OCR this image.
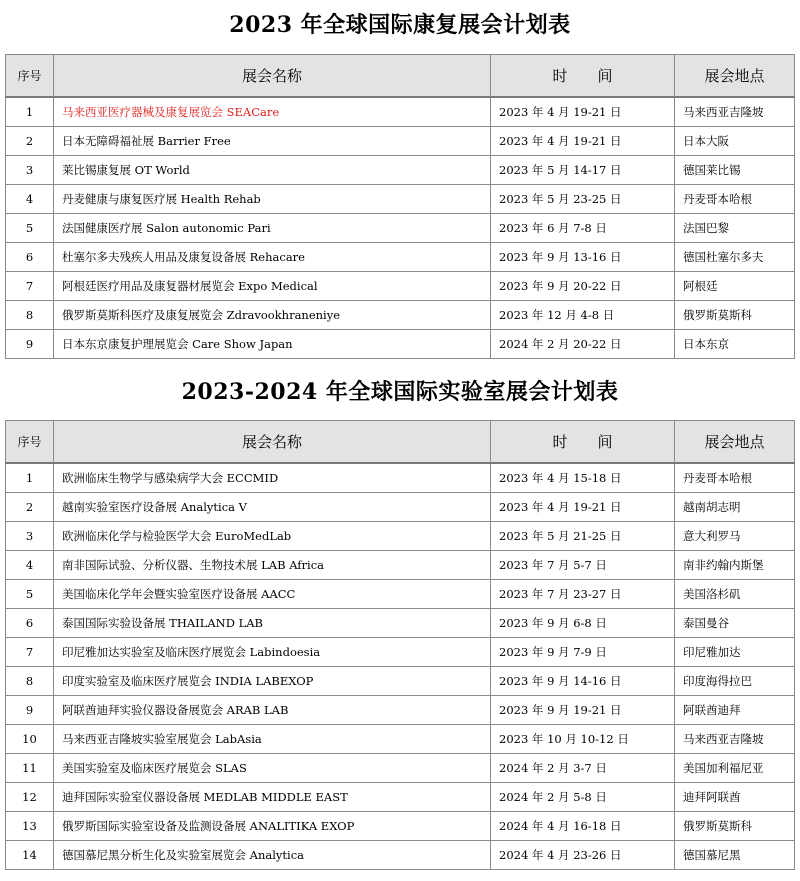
2023 年全球国际康复展会计划表
序号	展会名称	时　　间	展会地点
1	马来西亚医疗器械及康复展览会 SEACare	2023 年 4 月 19-21 日	马来西亚吉隆坡
2	日本无障碍福祉展 Barrier Free	2023 年 4 月 19-21 日	日本大阪
3	莱比锡康复展 OT World	2023 年 5 月 14-17 日	德国莱比锡
4	丹麦健康与康复医疗展 Health Rehab	2023 年 5 月 23-25 日	丹麦哥本哈根
5	法国健康医疗展 Salon autonomic Pari	2023 年 6 月 7-8 日	法国巴黎
6	杜塞尔多夫残疾人用品及康复设备展 Rehacare	2023 年 9 月 13-16 日	德国杜塞尔多夫
7	阿根廷医疗用品及康复器材展览会 Expo Medical	2023 年 9 月 20-22 日	阿根廷
8	俄罗斯莫斯科医疗及康复展览会 Zdravookhraneniye	2023 年 12 月 4-8 日	俄罗斯莫斯科
9	日本东京康复护理展览会 Care Show Japan	2024 年 2 月 20-22 日	日本东京
2023-2024 年全球国际实验室展会计划表
序号	展会名称	时　　间	展会地点
1	欧洲临床生物学与感染病学大会 ECCMID	2023 年 4 月 15-18 日	丹麦哥本哈根
2	越南实验室医疗设备展 Analytica V	2023 年 4 月 19-21 日	越南胡志明
3	欧洲临床化学与检验医学大会 EuroMedLab	2023 年 5 月 21-25 日	意大利罗马
4	南非国际试验、分析仪器、生物技术展 LAB Africa	2023 年 7 月 5-7 日	南非约翰内斯堡
5	美国临床化学年会暨实验室医疗设备展 AACC	2023 年 7 月 23-27 日	美国洛杉矶
6	泰国国际实验设备展 THAILAND LAB	2023 年 9 月 6-8 日	泰国曼谷
7	印尼雅加达实验室及临床医疗展览会 Labindoesia	2023 年 9 月 7-9 日	印尼雅加达
8	印度实验室及临床医疗展览会 INDIA LABEXOP	2023 年 9 月 14-16 日	印度海得拉巴
9	阿联酋迪拜实验仪器设备展览会 ARAB LAB	2023 年 9 月 19-21 日	阿联酋迪拜
10	马来西亚吉隆坡实验室展览会 LabAsia	2023 年 10 月 10-12 日	马来西亚吉隆坡
11	美国实验室及临床医疗展览会 SLAS	2024 年 2 月 3-7 日	美国加利福尼亚
12	迪拜国际实验室仪器设备展 MEDLAB MIDDLE EAST	2024 年 2 月 5-8 日	迪拜阿联酋
13	俄罗斯国际实验室设备及监测设备展 ANALITIKA EXOP	2024 年 4 月 16-18 日	俄罗斯莫斯科
14	德国慕尼黑分析生化及实验室展览会 Analytica	2024 年 4 月 23-26 日	德国慕尼黑
